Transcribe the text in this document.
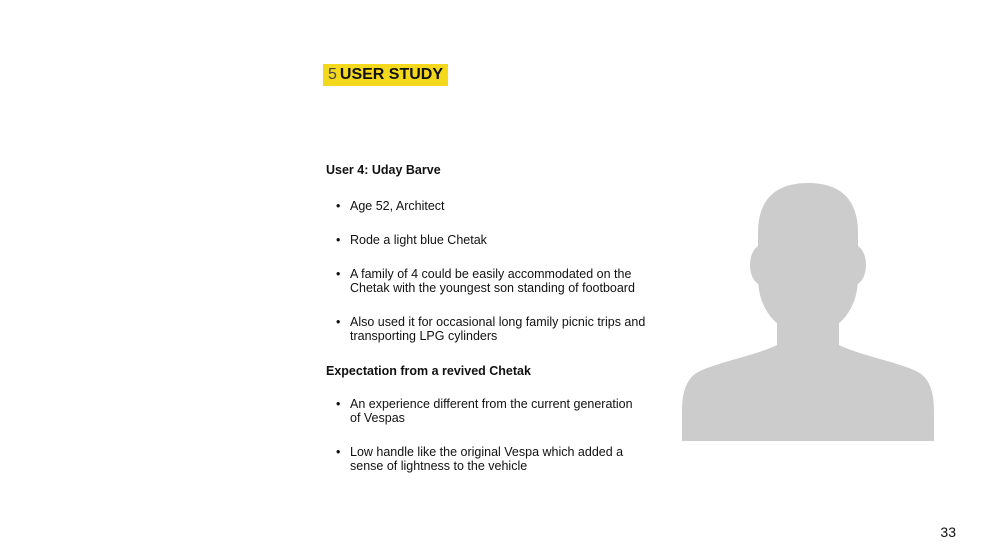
5 USER STUDY

User 4: Uday Barve

• Age 52, Architect
• Rode a light blue Chetak
• A family of 4 could be easily accommodated on the Chetak with the youngest son standing of footboard
• Also used it for occasional long family picnic trips and transporting LPG cylinders

Expectation from a revived Chetak

• An experience different from the current generation of Vespas
• Low handle like the original Vespa which added a sense of lightness to the vehicle
33
